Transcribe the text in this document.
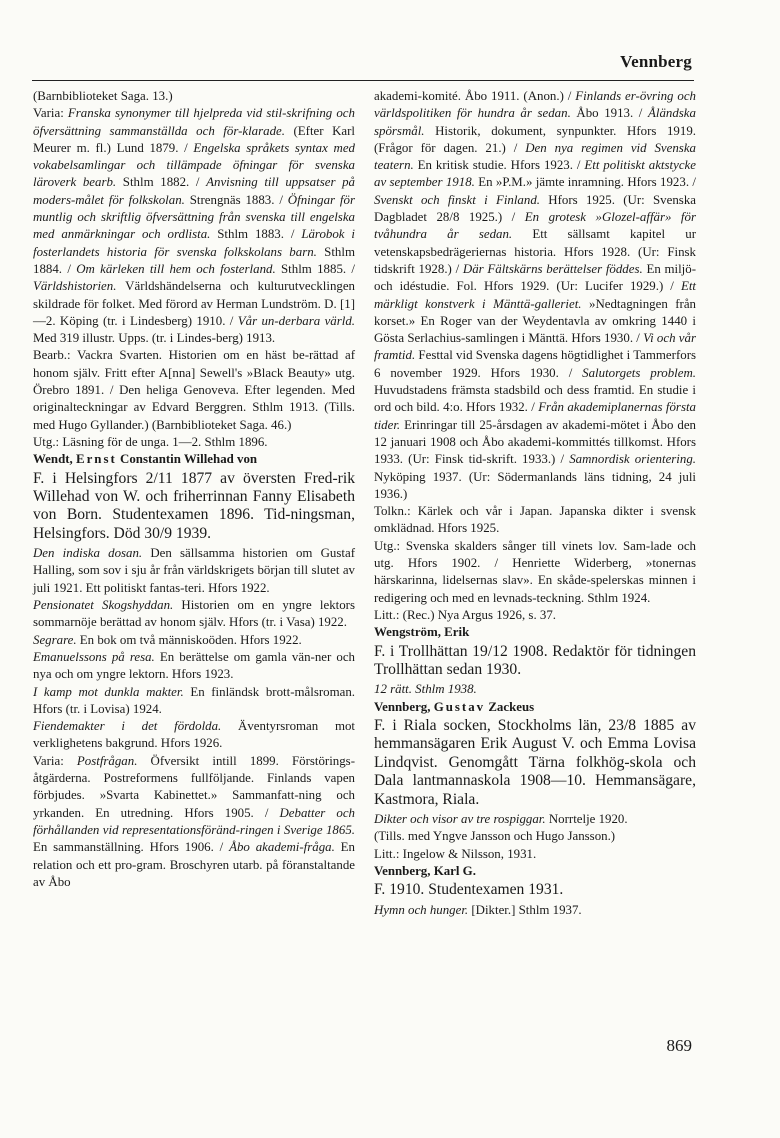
Vennberg

(Barnbiblioteket Saga. 13.)

Varia: Franska synonymer till hjelpreda vid stil-skrifning och öfversättning sammanställda och för-klarade. (Efter Karl Meurer m. fl.) Lund 1879. / Engelska språkets syntax med vokabelsamlingar och tillämpade öfningar för svenska läroverk bearb. Sthlm 1882. / Anvisning till uppsatser på moders-målet för folkskolan. Strengnäs 1883. / Öfningar för muntlig och skriftlig öfversättning från svenska till engelska med anmärkningar och ordlista. Sthlm 1883. / Lärobok i fosterlandets historia för svenska folkskolans barn. Sthlm 1884. / Om kärleken till hem och fosterland. Sthlm 1885. / Världshistorien. Världshändelserna och kulturutvecklingen skildrade för folket. Med förord av Herman Lundström. D. [1]—2. Köping (tr. i Lindesberg) 1910. / Vår un-derbara värld. Med 319 illustr. Upps. (tr. i Lindes-berg) 1913.

Bearb.: Vackra Svarten. Historien om en häst be-rättad af honom själv. Fritt efter A[nna] Sewell's »Black Beauty» utg. Örebro 1891. / Den heliga Genoveva. Efter legenden. Med originalteckningar av Edvard Berggren. Sthlm 1913. (Tills. med Hugo Gyllander.) (Barnbiblioteket Saga. 46.)

Utg.: Läsning för de unga. 1—2. Sthlm 1896.

Wendt, Ernst Constantin Willehad von

F. i Helsingfors 2/11 1877 av översten Fred-rik Willehad von W. och friherrinnan Fanny Elisabeth von Born. Studentexamen 1896. Tid-ningsman, Helsingfors. Död 30/9 1939.

Den indiska dosan. Den sällsamma historien om Gustaf Halling, som sov i sju år från världskrigets början till slutet av juli 1921. Ett politiskt fantas-teri. Hfors 1922.

Pensionatet Skogshyddan. Historien om en yngre lektors sommarnöje berättad av honom själv. Hfors (tr. i Vasa) 1922.

Segrare. En bok om två människoöden. Hfors 1922.

Emanuelssons på resa. En berättelse om gamla vän-ner och nya och om yngre lektorn. Hfors 1923.

I kamp mot dunkla makter. En finländsk brott-målsroman. Hfors (tr. i Lovisa) 1924.

Fiendemakter i det fördolda. Äventyrsroman mot verklighetens bakgrund. Hfors 1926.

Varia: Postfrågan. Öfversikt intill 1899. Förstörings-åtgärderna. Postreformens fullföljande. Finlands vapen förbjudes. »Svarta Kabinettet.» Sammanfatt-ning och yrkanden. En utredning. Hfors 1905. / Debatter och förhållanden vid representationsföränd-ringen i Sverige 1865. En sammanställning. Hfors 1906. / Åbo akademi-fråga. En relation och ett pro-gram. Broschyren utarb. på föranstaltande av Åbo

akademi-komité. Åbo 1911. (Anon.) / Finlands er-övring och världspolitiken för hundra år sedan. Åbo 1913. / Åländska spörsmål. Historik, dokument, synpunkter. Hfors 1919. (Frågor för dagen. 21.) / Den nya regimen vid Svenska teatern. En kritisk studie. Hfors 1923. / Ett politiskt aktstycke av september 1918. En »P.M.» jämte inramning. Hfors 1923. / Svenskt och finskt i Finland. Hfors 1925. (Ur: Svenska Dagbladet 28/8 1925.) / En grotesk »Glozel-affär» för tvåhundra år sedan. Ett sällsamt kapitel ur vetenskapsbedrägeriernas historia. Hfors 1928. (Ur: Finsk tidskrift 1928.) / Där Fältskärns berättelser föddes. En miljö- och idéstudie. Fol. Hfors 1929. (Ur: Lucifer 1929.) / Ett märkligt konstverk i Mänttä-galleriet. »Nedtagningen från korset.» En Roger van der Weydentavla av omkring 1440 i Gösta Serlachius-samlingen i Mänttä. Hfors 1930. / Vi och vår framtid. Festtal vid Svenska dagens högtidlighet i Tammerfors 6 november 1929. Hfors 1930. / Salutorgets problem. Huvudstadens främsta stadsbild och dess framtid. En studie i ord och bild. 4:o. Hfors 1932. / Från akademiplanernas första tider. Erinringar till 25-årsdagen av akademi-mötet i Åbo den 12 januari 1908 och Åbo akademi-kommittés tillkomst. Hfors 1933. (Ur: Finsk tid-skrift. 1933.) / Samnordisk orientering. Nyköping 1937. (Ur: Södermanlands läns tidning, 24 juli 1936.)

Tolkn.: Kärlek och vår i Japan. Japanska dikter i svensk omklädnad. Hfors 1925.

Utg.: Svenska skalders sånger till vinets lov. Sam-lade och utg. Hfors 1902. / Henriette Widerberg, »tonernas härskarinna, lidelsernas slav». En skåde-spelerskas minnen i redigering och med en levnads-teckning. Sthlm 1924.

Litt.: (Rec.) Nya Argus 1926, s. 37.

Wengström, Erik

F. i Trollhättan 19/12 1908. Redaktör för tidningen Trollhättan sedan 1930.

12 rätt. Sthlm 1938.

Vennberg, Gustav Zackeus

F. i Riala socken, Stockholms län, 23/8 1885 av hemmansägaren Erik August V. och Emma Lovisa Lindqvist. Genomgått Tärna folkhög-skola och Dala lantmannaskola 1908—10. Hemmansägare, Kastmora, Riala.

Dikter och visor av tre rospiggar. Norrtelje 1920.

(Tills. med Yngve Jansson och Hugo Jansson.)

Litt.: Ingelow & Nilsson, 1931.

Vennberg, Karl G.

F. 1910. Studentexamen 1931.

Hymn och hunger. [Dikter.] Sthlm 1937.

869
